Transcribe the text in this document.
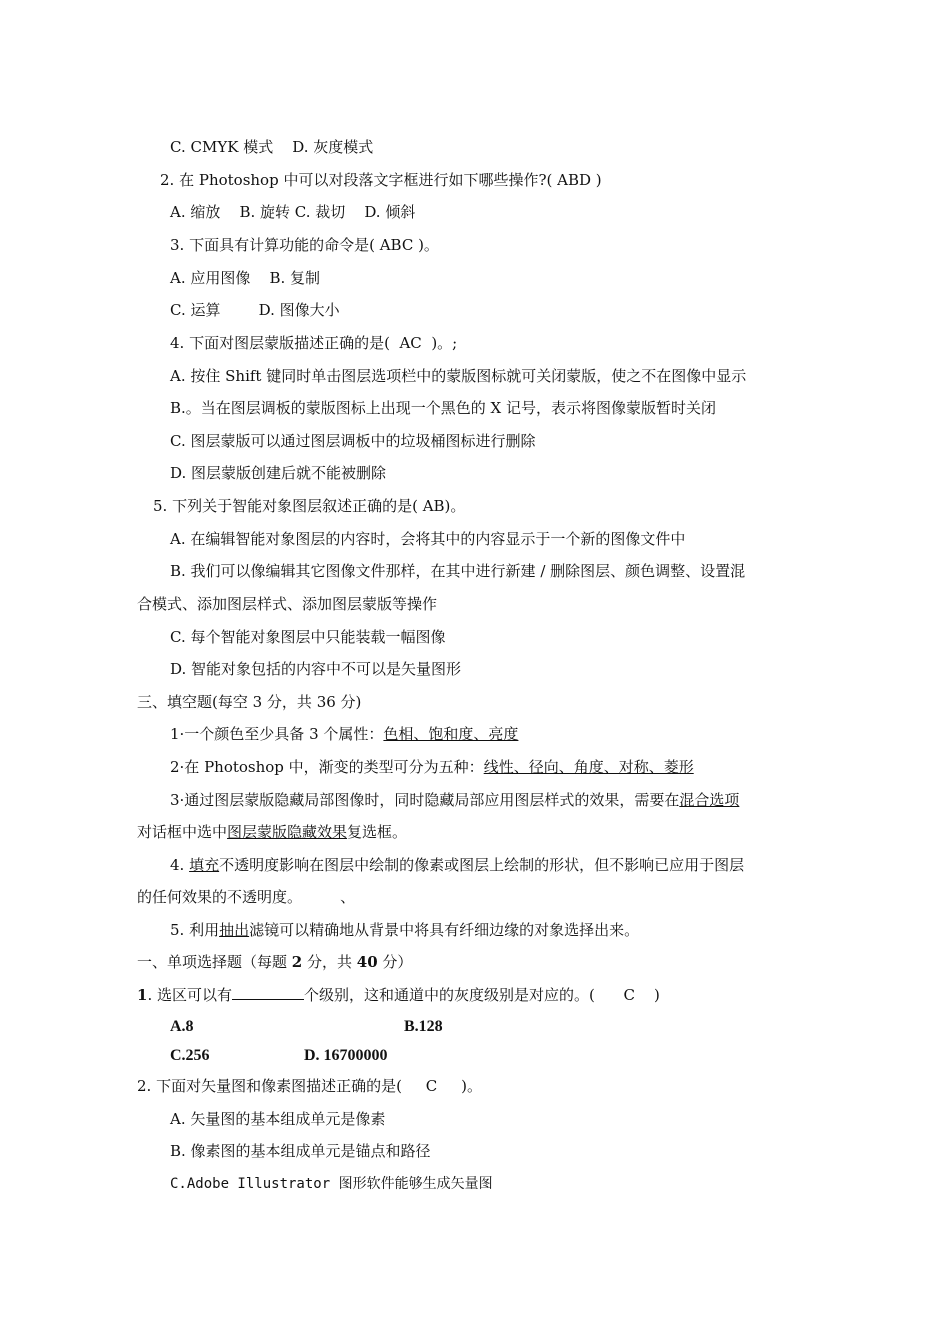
C. CMYK 模式    D. 灰度模式
2. 在 Photoshop 中可以对段落文字框进行如下哪些操作?( ABD )
A. 缩放    B. 旋转 C. 裁切    D. 倾斜
3. 下面具有计算功能的命令是( ABC )。
A. 应用图像    B. 复制
C. 运算        D. 图像大小
4. 下面对图层蒙版描述正确的是(  AC  )。;
A. 按住 Shift 键同时单击图层选项栏中的蒙版图标就可关闭蒙版，使之不在图像中显示
B.。当在图层调板的蒙版图标上出现一个黑色的 X 记号，表示将图像蒙版暂时关闭
C. 图层蒙版可以通过图层调板中的垃圾桶图标进行删除
D. 图层蒙版创建后就不能被删除
5. 下列关于智能对象图层叙述正确的是( AB)。
A. 在编辑智能对象图层的内容时，会将其中的内容显示于一个新的图像文件中
B. 我们可以像编辑其它图像文件那样，在其中进行新建 / 删除图层、颜色调整、设置混
合模式、添加图层样式、添加图层蒙版等操作
C. 每个智能对象图层中只能装载一幅图像
D. 智能对象包括的内容中不可以是矢量图形
三、填空题(每空 3 分，共 36 分)
1·一个颜色至少具备 3 个属性：色相、饱和度、亮度
2·在 Photoshop 中，渐变的类型可分为五种：线性、径向、角度、对称、菱形
3·通过图层蒙版隐藏局部图像时，同时隐藏局部应用图层样式的效果，需要在混合选项
对话框中选中图层蒙版隐藏效果复选框。
4. 填充不透明度影响在图层中绘制的像素或图层上绘制的形状，但不影响已应用于图层
的任何效果的不透明度。        、
5. 利用抽出滤镜可以精确地从背景中将具有纤细边缘的对象选择出来。
一、单项选择题（每题 2 分，共 40 分）
1. 选区可以有	个级别，这和通道中的灰度级别是对应的。(      C    )
A.8	B.128
C.256	D. 16700000
2. 下面对矢量图和像素图描述正确的是(     C     )。
A. 矢量图的基本组成单元是像素
B. 像素图的基本组成单元是锚点和路径
C.Adobe Illustrator 图形软件能够生成矢量图
